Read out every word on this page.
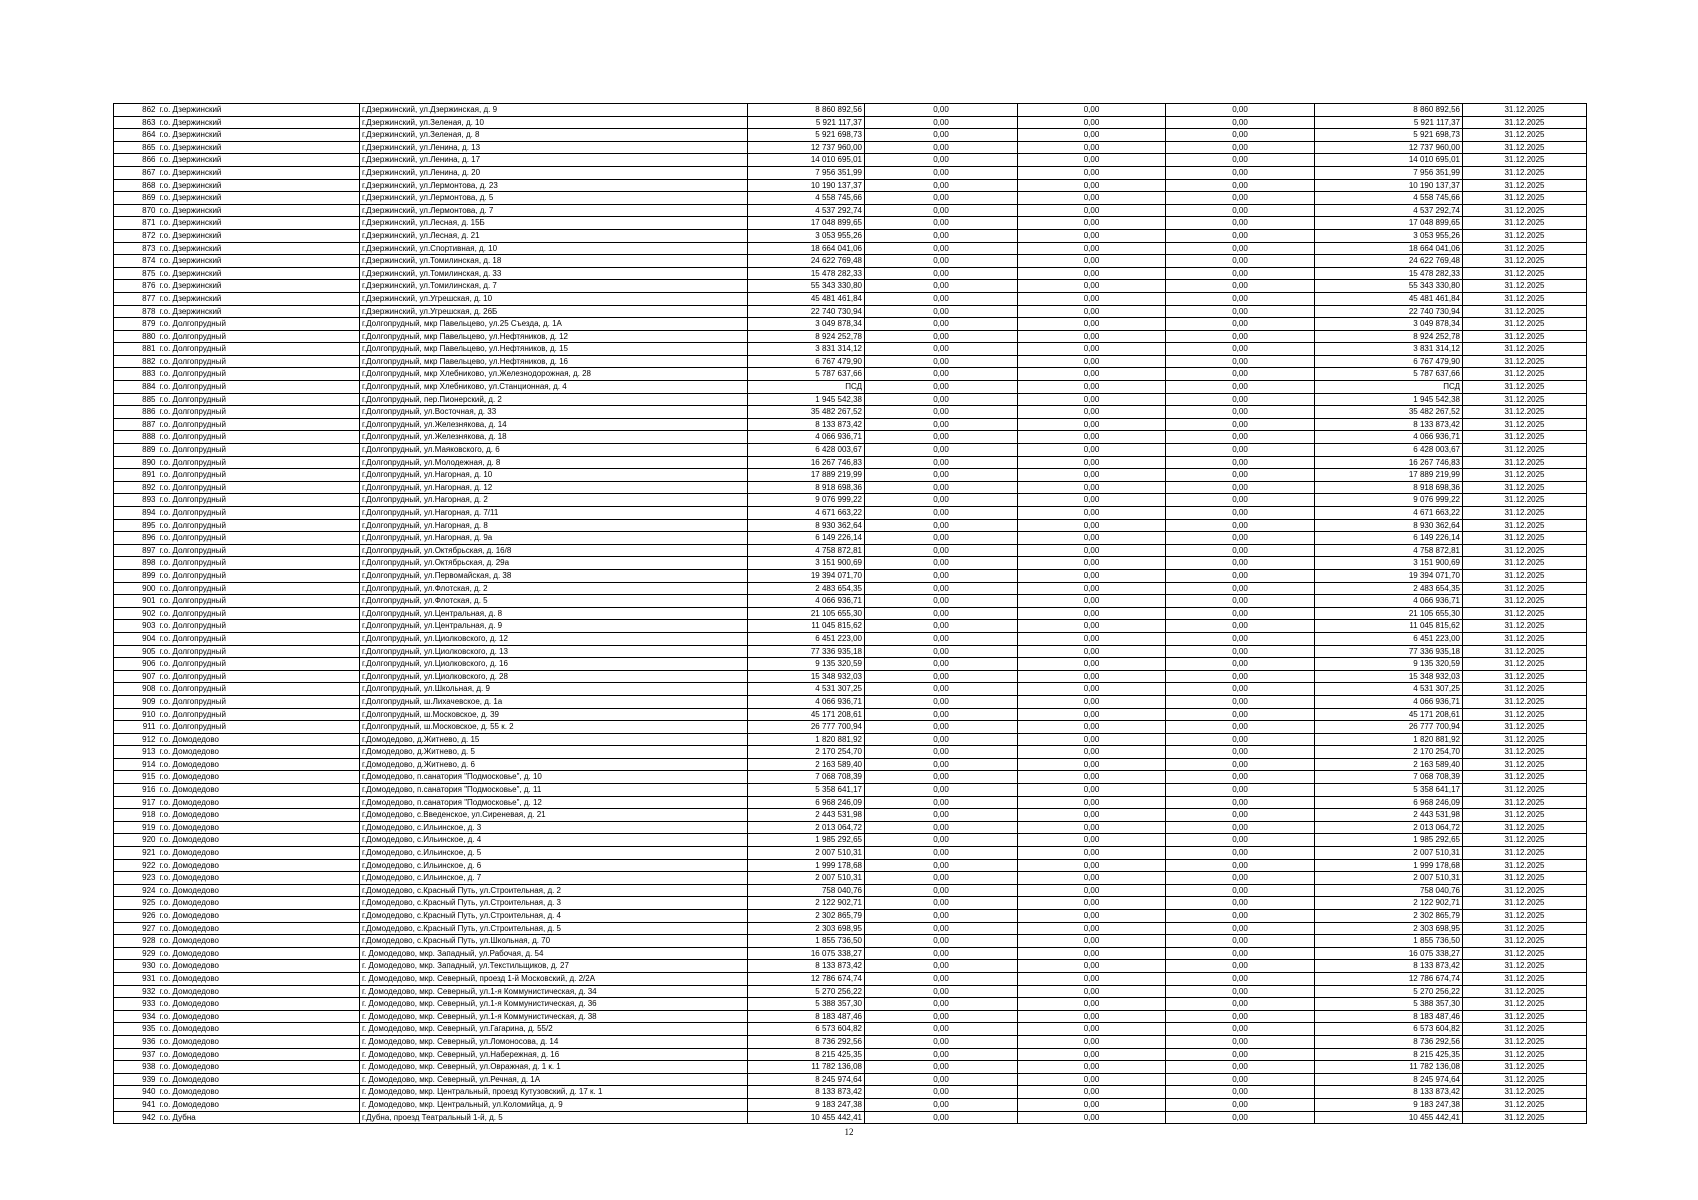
862	г.о. Дзержинский	г.Дзержинский, ул.Дзержинская, д. 9	8 860 892,56	0,00	0,00	0,00	8 860 892,56	31.12.2025
863	г.о. Дзержинский	г.Дзержинский, ул.Зеленая, д. 10	5 921 117,37	0,00	0,00	0,00	5 921 117,37	31.12.2025
864	г.о. Дзержинский	г.Дзержинский, ул.Зеленая, д. 8	5 921 698,73	0,00	0,00	0,00	5 921 698,73	31.12.2025
865	г.о. Дзержинский	г.Дзержинский, ул.Ленина, д. 13	12 737 960,00	0,00	0,00	0,00	12 737 960,00	31.12.2025
866	г.о. Дзержинский	г.Дзержинский, ул.Ленина, д. 17	14 010 695,01	0,00	0,00	0,00	14 010 695,01	31.12.2025
867	г.о. Дзержинский	г.Дзержинский, ул.Ленина, д. 20	7 956 351,99	0,00	0,00	0,00	7 956 351,99	31.12.2025
868	г.о. Дзержинский	г.Дзержинский, ул.Лермонтова, д. 23	10 190 137,37	0,00	0,00	0,00	10 190 137,37	31.12.2025
869	г.о. Дзержинский	г.Дзержинский, ул.Лермонтова, д. 5	4 558 745,66	0,00	0,00	0,00	4 558 745,66	31.12.2025
870	г.о. Дзержинский	г.Дзержинский, ул.Лермонтова, д. 7	4 537 292,74	0,00	0,00	0,00	4 537 292,74	31.12.2025
871	г.о. Дзержинский	г.Дзержинский, ул.Лесная, д. 15Б	17 048 899,65	0,00	0,00	0,00	17 048 899,65	31.12.2025
872	г.о. Дзержинский	г.Дзержинский, ул.Лесная, д. 21	3 053 955,26	0,00	0,00	0,00	3 053 955,26	31.12.2025
873	г.о. Дзержинский	г.Дзержинский, ул.Спортивная, д. 10	18 664 041,06	0,00	0,00	0,00	18 664 041,06	31.12.2025
874	г.о. Дзержинский	г.Дзержинский, ул.Томилинская, д. 18	24 622 769,48	0,00	0,00	0,00	24 622 769,48	31.12.2025
875	г.о. Дзержинский	г.Дзержинский, ул.Томилинская, д. 33	15 478 282,33	0,00	0,00	0,00	15 478 282,33	31.12.2025
876	г.о. Дзержинский	г.Дзержинский, ул.Томилинская, д. 7	55 343 330,80	0,00	0,00	0,00	55 343 330,80	31.12.2025
877	г.о. Дзержинский	г.Дзержинский, ул.Угрешская, д. 10	45 481 461,84	0,00	0,00	0,00	45 481 461,84	31.12.2025
878	г.о. Дзержинский	г.Дзержинский, ул.Угрешская, д. 26Б	22 740 730,94	0,00	0,00	0,00	22 740 730,94	31.12.2025
879	г.о. Долгопрудный	г.Долгопрудный, мкр Павельцево, ул.25 Съезда, д. 1А	3 049 878,34	0,00	0,00	0,00	3 049 878,34	31.12.2025
880	г.о. Долгопрудный	г.Долгопрудный, мкр Павельцево, ул.Нефтяников, д. 12	8 924 252,78	0,00	0,00	0,00	8 924 252,78	31.12.2025
881	г.о. Долгопрудный	г.Долгопрудный, мкр Павельцево, ул.Нефтяников, д. 15	3 831 314,12	0,00	0,00	0,00	3 831 314,12	31.12.2025
882	г.о. Долгопрудный	г.Долгопрудный, мкр Павельцево, ул.Нефтяников, д. 16	6 767 479,90	0,00	0,00	0,00	6 767 479,90	31.12.2025
883	г.о. Долгопрудный	г.Долгопрудный, мкр Хлебниково, ул.Железнодорожная, д. 28	5 787 637,66	0,00	0,00	0,00	5 787 637,66	31.12.2025
884	г.о. Долгопрудный	г.Долгопрудный, мкр Хлебниково, ул.Станционная, д. 4	ПСД	0,00	0,00	0,00	ПСД	31.12.2025
885	г.о. Долгопрудный	г.Долгопрудный, пер.Пионерский, д. 2	1 945 542,38	0,00	0,00	0,00	1 945 542,38	31.12.2025
886	г.о. Долгопрудный	г.Долгопрудный, ул.Восточная, д. 33	35 482 267,52	0,00	0,00	0,00	35 482 267,52	31.12.2025
887	г.о. Долгопрудный	г.Долгопрудный, ул.Железнякова, д. 14	8 133 873,42	0,00	0,00	0,00	8 133 873,42	31.12.2025
888	г.о. Долгопрудный	г.Долгопрудный, ул.Железнякова, д. 18	4 066 936,71	0,00	0,00	0,00	4 066 936,71	31.12.2025
889	г.о. Долгопрудный	г.Долгопрудный, ул.Маяковского, д. 6	6 428 003,67	0,00	0,00	0,00	6 428 003,67	31.12.2025
890	г.о. Долгопрудный	г.Долгопрудный, ул.Молодежная, д. 8	16 267 746,83	0,00	0,00	0,00	16 267 746,83	31.12.2025
891	г.о. Долгопрудный	г.Долгопрудный, ул.Нагорная, д. 10	17 889 219,99	0,00	0,00	0,00	17 889 219,99	31.12.2025
892	г.о. Долгопрудный	г.Долгопрудный, ул.Нагорная, д. 12	8 918 698,36	0,00	0,00	0,00	8 918 698,36	31.12.2025
893	г.о. Долгопрудный	г.Долгопрудный, ул.Нагорная, д. 2	9 076 999,22	0,00	0,00	0,00	9 076 999,22	31.12.2025
894	г.о. Долгопрудный	г.Долгопрудный, ул.Нагорная, д. 7/11	4 671 663,22	0,00	0,00	0,00	4 671 663,22	31.12.2025
895	г.о. Долгопрудный	г.Долгопрудный, ул.Нагорная, д. 8	8 930 362,64	0,00	0,00	0,00	8 930 362,64	31.12.2025
896	г.о. Долгопрудный	г.Долгопрудный, ул.Нагорная, д. 9а	6 149 226,14	0,00	0,00	0,00	6 149 226,14	31.12.2025
897	г.о. Долгопрудный	г.Долгопрудный, ул.Октябрьская, д. 16/8	4 758 872,81	0,00	0,00	0,00	4 758 872,81	31.12.2025
898	г.о. Долгопрудный	г.Долгопрудный, ул.Октябрьская, д. 29а	3 151 900,69	0,00	0,00	0,00	3 151 900,69	31.12.2025
899	г.о. Долгопрудный	г.Долгопрудный, ул.Первомайская, д. 38	19 394 071,70	0,00	0,00	0,00	19 394 071,70	31.12.2025
900	г.о. Долгопрудный	г.Долгопрудный, ул.Флотская, д. 2	2 483 654,35	0,00	0,00	0,00	2 483 654,35	31.12.2025
901	г.о. Долгопрудный	г.Долгопрудный, ул.Флотская, д. 5	4 066 936,71	0,00	0,00	0,00	4 066 936,71	31.12.2025
902	г.о. Долгопрудный	г.Долгопрудный, ул.Центральная, д. 8	21 105 655,30	0,00	0,00	0,00	21 105 655,30	31.12.2025
903	г.о. Долгопрудный	г.Долгопрудный, ул.Центральная, д. 9	11 045 815,62	0,00	0,00	0,00	11 045 815,62	31.12.2025
904	г.о. Долгопрудный	г.Долгопрудный, ул.Циолковского, д. 12	6 451 223,00	0,00	0,00	0,00	6 451 223,00	31.12.2025
905	г.о. Долгопрудный	г.Долгопрудный, ул.Циолковского, д. 13	77 336 935,18	0,00	0,00	0,00	77 336 935,18	31.12.2025
906	г.о. Долгопрудный	г.Долгопрудный, ул.Циолковского, д. 16	9 135 320,59	0,00	0,00	0,00	9 135 320,59	31.12.2025
907	г.о. Долгопрудный	г.Долгопрудный, ул.Циолковского, д. 28	15 348 932,03	0,00	0,00	0,00	15 348 932,03	31.12.2025
908	г.о. Долгопрудный	г.Долгопрудный, ул.Школьная, д. 9	4 531 307,25	0,00	0,00	0,00	4 531 307,25	31.12.2025
909	г.о. Долгопрудный	г.Долгопрудный, ш.Лихачевское, д. 1а	4 066 936,71	0,00	0,00	0,00	4 066 936,71	31.12.2025
910	г.о. Долгопрудный	г.Долгопрудный, ш.Московское, д. 39	45 171 208,61	0,00	0,00	0,00	45 171 208,61	31.12.2025
911	г.о. Долгопрудный	г.Долгопрудный, ш.Московское, д. 55 к. 2	26 777 700,94	0,00	0,00	0,00	26 777 700,94	31.12.2025
912	г.о. Домодедово	г.Домодедово, д.Житнево, д. 15	1 820 881,92	0,00	0,00	0,00	1 820 881,92	31.12.2025
913	г.о. Домодедово	г.Домодедово, д.Житнево, д. 5	2 170 254,70	0,00	0,00	0,00	2 170 254,70	31.12.2025
914	г.о. Домодедово	г.Домодедово, д.Житнево, д. 6	2 163 589,40	0,00	0,00	0,00	2 163 589,40	31.12.2025
915	г.о. Домодедово	г.Домодедово, п.санатория "Подмосковье", д. 10	7 068 708,39	0,00	0,00	0,00	7 068 708,39	31.12.2025
916	г.о. Домодедово	г.Домодедово, п.санатория "Подмосковье", д. 11	5 358 641,17	0,00	0,00	0,00	5 358 641,17	31.12.2025
917	г.о. Домодедово	г.Домодедово, п.санатория "Подмосковье", д. 12	6 968 246,09	0,00	0,00	0,00	6 968 246,09	31.12.2025
918	г.о. Домодедово	г.Домодедово, с.Введенское, ул.Сиреневая, д. 21	2 443 531,98	0,00	0,00	0,00	2 443 531,98	31.12.2025
919	г.о. Домодедово	г.Домодедово, с.Ильинское, д. 3	2 013 064,72	0,00	0,00	0,00	2 013 064,72	31.12.2025
920	г.о. Домодедово	г.Домодедово, с.Ильинское, д. 4	1 985 292,65	0,00	0,00	0,00	1 985 292,65	31.12.2025
921	г.о. Домодедово	г.Домодедово, с.Ильинское, д. 5	2 007 510,31	0,00	0,00	0,00	2 007 510,31	31.12.2025
922	г.о. Домодедово	г.Домодедово, с.Ильинское, д. 6	1 999 178,68	0,00	0,00	0,00	1 999 178,68	31.12.2025
923	г.о. Домодедово	г.Домодедово, с.Ильинское, д. 7	2 007 510,31	0,00	0,00	0,00	2 007 510,31	31.12.2025
924	г.о. Домодедово	г.Домодедово, с.Красный Путь, ул.Строительная, д. 2	758 040,76	0,00	0,00	0,00	758 040,76	31.12.2025
925	г.о. Домодедово	г.Домодедово, с.Красный Путь, ул.Строительная, д. 3	2 122 902,71	0,00	0,00	0,00	2 122 902,71	31.12.2025
926	г.о. Домодедово	г.Домодедово, с.Красный Путь, ул.Строительная, д. 4	2 302 865,79	0,00	0,00	0,00	2 302 865,79	31.12.2025
927	г.о. Домодедово	г.Домодедово, с.Красный Путь, ул.Строительная, д. 5	2 303 698,95	0,00	0,00	0,00	2 303 698,95	31.12.2025
928	г.о. Домодедово	г.Домодедово, с.Красный Путь, ул.Школьная, д. 70	1 855 736,50	0,00	0,00	0,00	1 855 736,50	31.12.2025
929	г.о. Домодедово	г. Домодедово, мкр. Западный, ул.Рабочая, д. 54	16 075 338,27	0,00	0,00	0,00	16 075 338,27	31.12.2025
930	г.о. Домодедово	г. Домодедово, мкр. Западный, ул.Текстильщиков, д. 27	8 133 873,42	0,00	0,00	0,00	8 133 873,42	31.12.2025
931	г.о. Домодедово	г. Домодедово, мкр. Северный, проезд 1-й Московский, д. 2/2А	12 786 674,74	0,00	0,00	0,00	12 786 674,74	31.12.2025
932	г.о. Домодедово	г. Домодедово, мкр. Северный, ул.1-я Коммунистическая, д. 34	5 270 256,22	0,00	0,00	0,00	5 270 256,22	31.12.2025
933	г.о. Домодедово	г. Домодедово, мкр. Северный, ул.1-я Коммунистическая, д. 36	5 388 357,30	0,00	0,00	0,00	5 388 357,30	31.12.2025
934	г.о. Домодедово	г. Домодедово, мкр. Северный, ул.1-я Коммунистическая, д. 38	8 183 487,46	0,00	0,00	0,00	8 183 487,46	31.12.2025
935	г.о. Домодедово	г. Домодедово, мкр. Северный, ул.Гагарина, д. 55/2	6 573 604,82	0,00	0,00	0,00	6 573 604,82	31.12.2025
936	г.о. Домодедово	г. Домодедово, мкр. Северный, ул.Ломоносова, д. 14	8 736 292,56	0,00	0,00	0,00	8 736 292,56	31.12.2025
937	г.о. Домодедово	г. Домодедово, мкр. Северный, ул.Набережная, д. 16	8 215 425,35	0,00	0,00	0,00	8 215 425,35	31.12.2025
938	г.о. Домодедово	г. Домодедово, мкр. Северный, ул.Овражная, д. 1 к. 1	11 782 136,08	0,00	0,00	0,00	11 782 136,08	31.12.2025
939	г.о. Домодедово	г. Домодедово, мкр. Северный, ул.Речная, д. 1А	8 245 974,64	0,00	0,00	0,00	8 245 974,64	31.12.2025
940	г.о. Домодедово	г. Домодедово, мкр. Центральный, проезд Кутузовский, д. 17 к. 1	8 133 873,42	0,00	0,00	0,00	8 133 873,42	31.12.2025
941	г.о. Домодедово	г. Домодедово, мкр. Центральный, ул.Коломийца, д. 9	9 183 247,38	0,00	0,00	0,00	9 183 247,38	31.12.2025
942	г.о. Дубна	г.Дубна, проезд Театральный 1-й, д. 5	10 455 442,41	0,00	0,00	0,00	10 455 442,41	31.12.2025
12
